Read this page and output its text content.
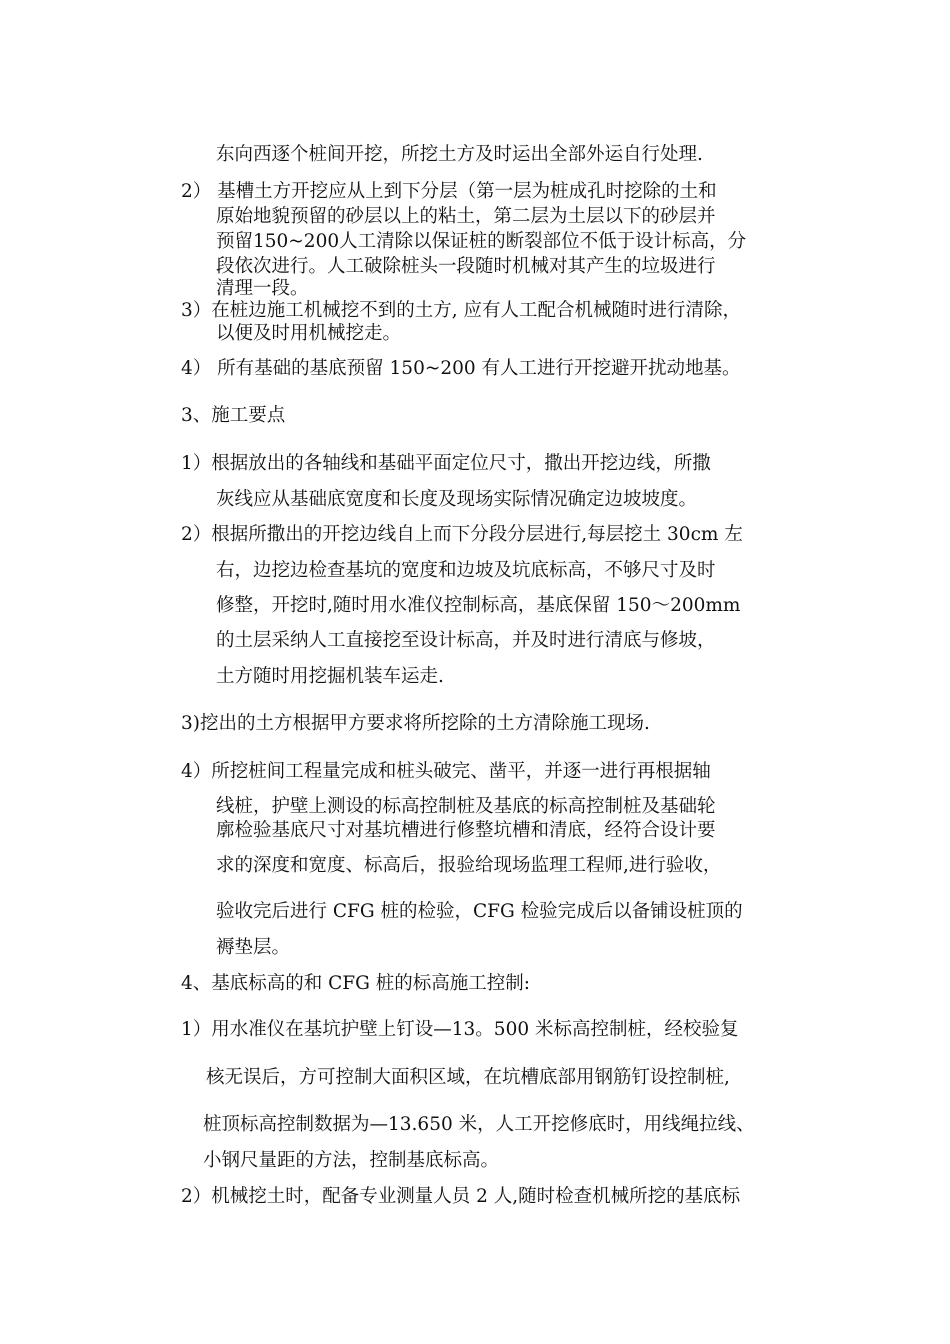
东向西逐个桩间开挖，所挖土方及时运出全部外运自行处理.
2） 基槽土方开挖应从上到下分层（第一层为桩成孔时挖除的土和
原始地貌预留的砂层以上的粘土，第二层为土层以下的砂层并
预留150~200人工清除以保证桩的断裂部位不低于设计标高，分
段依次进行。人工破除桩头一段随时机械对其产生的垃圾进行
清理一段。
3）在桩边施工机械挖不到的土方, 应有人工配合机械随时进行清除，
以便及时用机械挖走。
4） 所有基础的基底预留 150~200 有人工进行开挖避开扰动地基。
3、施工要点
1）根据放出的各轴线和基础平面定位尺寸，撒出开挖边线，所撒
灰线应从基础底宽度和长度及现场实际情况确定边坡坡度。
2）根据所撒出的开挖边线自上而下分段分层进行,每层挖土 30cm 左
右，边挖边检查基坑的宽度和边坡及坑底标高，不够尺寸及时
修整，开挖时,随时用水准仪控制标高，基底保留 150～200mm
的土层采纳人工直接挖至设计标高，并及时进行清底与修坡，
土方随时用挖掘机装车运走.
3)挖出的土方根据甲方要求将所挖除的土方清除施工现场.
4）所挖桩间工程量完成和桩头破完、凿平，并逐一进行再根据轴
线桩，护壁上测设的标高控制桩及基底的标高控制桩及基础轮
廓检验基底尺寸对基坑槽进行修整坑槽和清底，经符合设计要
求的深度和宽度、标高后，报验给现场监理工程师,进行验收，
验收完后进行 CFG 桩的检验，CFG 检验完成后以备铺设桩顶的
褥垫层。
4、基底标高的和 CFG 桩的标高施工控制:
1）用水准仪在基坑护壁上钉设—13。500 米标高控制桩，经校验复
核无误后，方可控制大面积区域，在坑槽底部用钢筋钉设控制桩,
桩顶标高控制数据为—13.650 米，人工开挖修底时，用线绳拉线、
小钢尺量距的方法，控制基底标高。
2）机械挖土时，配备专业测量人员 2 人,随时检查机械所挖的基底标
